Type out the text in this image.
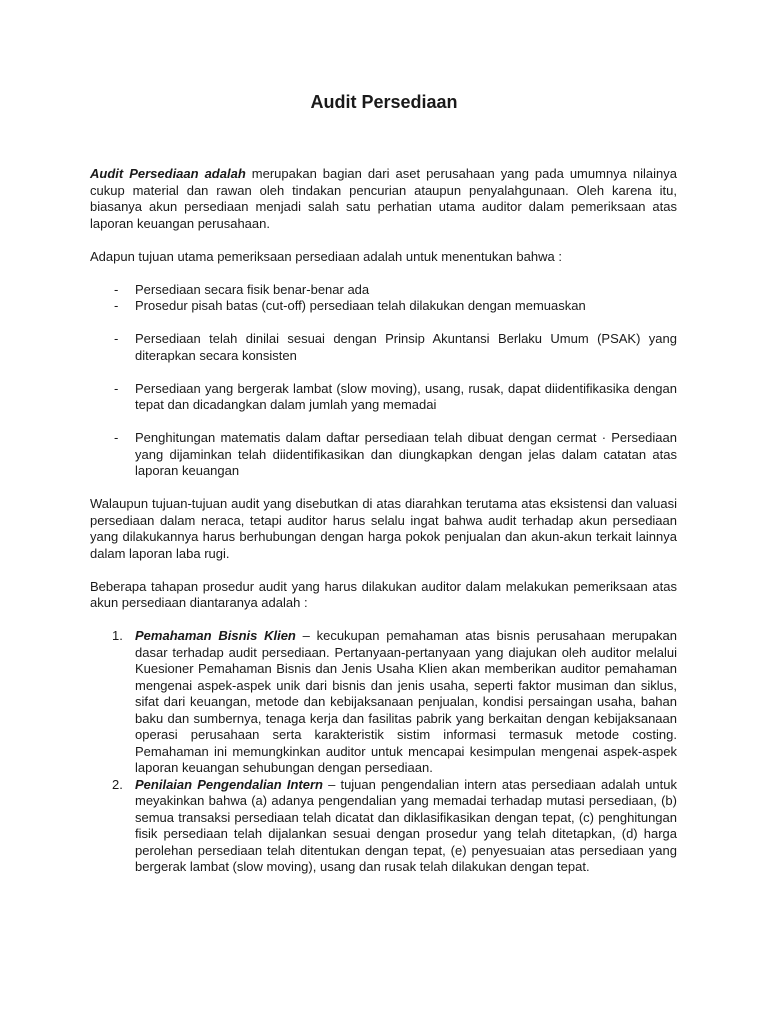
Audit Persediaan

Audit Persediaan adalah merupakan bagian dari aset perusahaan yang pada umumnya nilainya cukup material dan rawan oleh tindakan pencurian ataupun penyalahgunaan. Oleh karena itu, biasanya akun persediaan menjadi salah satu perhatian utama auditor dalam pemeriksaan atas laporan keuangan perusahaan.

Adapun tujuan utama pemeriksaan persediaan adalah untuk menentukan bahwa :

- Persediaan secara fisik benar-benar ada
- Prosedur pisah batas (cut-off) persediaan telah dilakukan dengan memuaskan
- Persediaan telah dinilai sesuai dengan Prinsip Akuntansi Berlaku Umum (PSAK) yang diterapkan secara konsisten
- Persediaan yang bergerak lambat (slow moving), usang, rusak, dapat diidentifikasika dengan tepat dan dicadangkan dalam jumlah yang memadai
- Penghitungan matematis dalam daftar persediaan telah dibuat dengan cermat · Persediaan yang dijaminkan telah diidentifikasikan dan diungkapkan dengan jelas dalam catatan atas laporan keuangan

Walaupun tujuan-tujuan audit yang disebutkan di atas diarahkan terutama atas eksistensi dan valuasi persediaan dalam neraca, tetapi auditor harus selalu ingat bahwa audit terhadap akun persediaan yang dilakukannya harus berhubungan dengan harga pokok penjualan dan akun-akun terkait lainnya dalam laporan laba rugi.

Beberapa tahapan prosedur audit yang harus dilakukan auditor dalam melakukan pemeriksaan atas akun persediaan diantaranya adalah :

1. Pemahaman Bisnis Klien – kecukupan pemahaman atas bisnis perusahaan merupakan dasar terhadap audit persediaan. Pertanyaan-pertanyaan yang diajukan oleh auditor melalui Kuesioner Pemahaman Bisnis dan Jenis Usaha Klien akan memberikan auditor pemahaman mengenai aspek-aspek unik dari bisnis dan jenis usaha, seperti faktor musiman dan siklus, sifat dari keuangan, metode dan kebijaksanaan penjualan, kondisi persaingan usaha, bahan baku dan sumbernya, tenaga kerja dan fasilitas pabrik yang berkaitan dengan kebijaksanaan operasi perusahaan serta karakteristik sistim informasi termasuk metode costing. Pemahaman ini memungkinkan auditor untuk mencapai kesimpulan mengenai aspek-aspek laporan keuangan sehubungan dengan persediaan.
2. Penilaian Pengendalian Intern – tujuan pengendalian intern atas persediaan adalah untuk meyakinkan bahwa (a) adanya pengendalian yang memadai terhadap mutasi persediaan, (b) semua transaksi persediaan telah dicatat dan diklasifikasikan dengan tepat, (c) penghitungan fisik persediaan telah dijalankan sesuai dengan prosedur yang telah ditetapkan, (d) harga perolehan persediaan telah ditentukan dengan tepat, (e) penyesuaian atas persediaan yang bergerak lambat (slow moving), usang dan rusak telah dilakukan dengan tepat.
